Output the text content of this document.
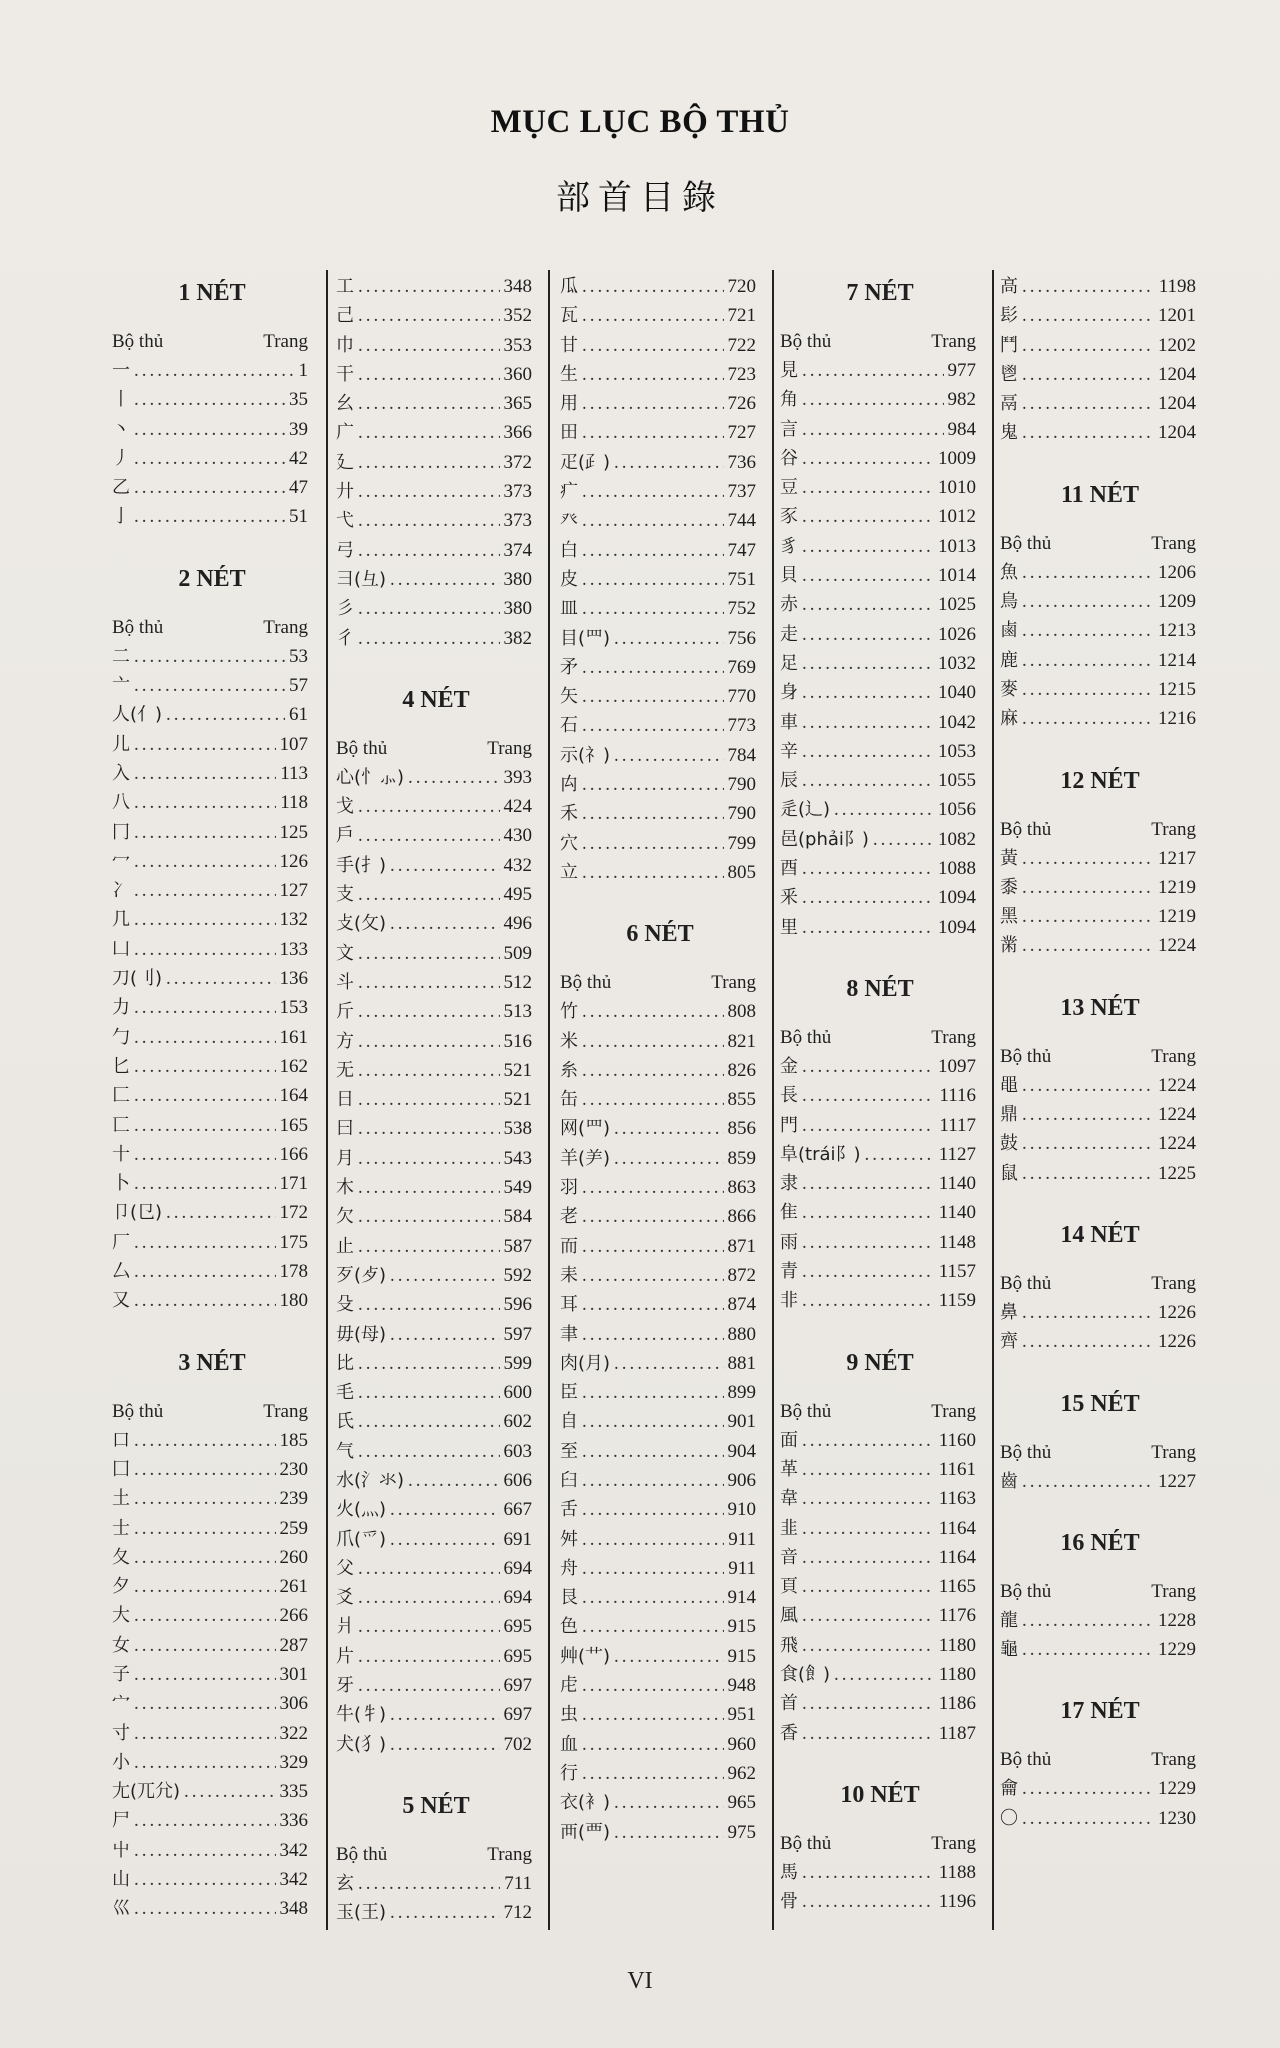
MỤC LỤC BỘ THỦ
部首目錄
1 NÉT
Bộ thủ	Trang
一 .....	1
丨 .....	35
丶 .....	39
丿 .....	42
乙 .....	47
亅 .....	51
2 NÉT
Bộ thủ	Trang
二 .....	53
亠 .....	57
人(亻) .....	61
儿 .....	107
入 .....	113
八 .....	118
冂 .....	125
冖 .....	126
冫 .....	127
几 .....	132
凵 .....	133
刀(刂) .....	136
力 .....	153
勹 .....	161
匕 .....	162
匚 .....	164
匸 .....	165
十 .....	166
卜 .....	171
卩(㔾) .....	172
厂 .....	175
厶 .....	178
又 .....	180
3 NÉT
Bộ thủ	Trang
口 .....	185
囗 .....	230
土 .....	239
士 .....	259
夂 .....	260
夕 .....	261
大 .....	266
女 .....	287
子 .....	301
宀 .....	306
寸 .....	322
小 .....	329
尢(兀𡯂) .....	335
尸 .....	336
屮 .....	342
山 .....	342
巛 .....	348
工 .....	348
己 .....	352
巾 .....	353
干 .....	360
幺 .....	365
广 .....	366
廴 .....	372
廾 .....	373
弋 .....	373
弓 .....	374
彐(彑) .....	380
彡 .....	380
彳 .....	382
4 NÉT
Bộ thủ	Trang
心(忄⺗) .....	393
戈 .....	424
戶 .....	430
手(扌) .....	432
支 .....	495
攴(攵) .....	496
文 .....	509
斗 .....	512
斤 .....	513
方 .....	516
无 .....	521
日 .....	521
曰 .....	538
月 .....	543
木 .....	549
欠 .....	584
止 .....	587
歹(歺) .....	592
殳 .....	596
毋(母) .....	597
比 .....	599
毛 .....	600
氏 .....	602
气 .....	603
水(氵氺) .....	606
火(灬) .....	667
爪(爫) .....	691
父 .....	694
爻 .....	694
爿 .....	695
片 .....	695
牙 .....	697
牛(牜) .....	697
犬(犭) .....	702
5 NÉT
Bộ thủ	Trang
玄 .....	711
玉(王) .....	712
瓜 .....	720
瓦 .....	721
甘 .....	722
生 .....	723
用 .....	726
田 .....	727
疋(⺪) .....	736
疒 .....	737
癶 .....	744
白 .....	747
皮 .....	751
皿 .....	752
目(罒) .....	756
矛 .....	769
矢 .....	770
石 .....	773
示(礻) .....	784
禸 .....	790
禾 .....	790
穴 .....	799
立 .....	805
6 NÉT
Bộ thủ	Trang
竹 .....	808
米 .....	821
糸 .....	826
缶 .....	855
网(罒) .....	856
羊(⺶) .....	859
羽 .....	863
老 .....	866
而 .....	871
耒 .....	872
耳 .....	874
聿 .....	880
肉(月) .....	881
臣 .....	899
自 .....	901
至 .....	904
臼 .....	906
舌 .....	910
舛 .....	911
舟 .....	911
艮 .....	914
色 .....	915
艸(艹) .....	915
虍 .....	948
虫 .....	951
血 .....	960
行 .....	962
衣(衤) .....	965
襾(覀) .....	975
7 NÉT
Bộ thủ	Trang
見 .....	977
角 .....	982
言 .....	984
谷 .....	1009
豆 .....	1010
豕 .....	1012
豸 .....	1013
貝 .....	1014
赤 .....	1025
走 .....	1026
足 .....	1032
身 .....	1040
車 .....	1042
辛 .....	1053
辰 .....	1055
辵(辶) .....	1056
邑(phải阝) .....	1082
酉 .....	1088
釆 .....	1094
里 .....	1094
8 NÉT
Bộ thủ	Trang
金 .....	1097
長 .....	1116
門 .....	1117
阜(trái阝) .....	1127
隶 .....	1140
隹 .....	1140
雨 .....	1148
青 .....	1157
非 .....	1159
9 NÉT
Bộ thủ	Trang
面 .....	1160
革 .....	1161
韋 .....	1163
韭 .....	1164
音 .....	1164
頁 .....	1165
風 .....	1176
飛 .....	1180
食(飠) .....	1180
首 .....	1186
香 .....	1187
10 NÉT
Bộ thủ	Trang
馬 .....	1188
骨 .....	1196
高 .....	1198
髟 .....	1201
鬥 .....	1202
鬯 .....	1204
鬲 .....	1204
鬼 .....	1204
11 NÉT
Bộ thủ	Trang
魚 .....	1206
鳥 .....	1209
鹵 .....	1213
鹿 .....	1214
麥 .....	1215
麻 .....	1216
12 NÉT
Bộ thủ	Trang
黃 .....	1217
黍 .....	1219
黑 .....	1219
黹 .....	1224
13 NÉT
Bộ thủ	Trang
黽 .....	1224
鼎 .....	1224
鼓 .....	1224
鼠 .....	1225
14 NÉT
Bộ thủ	Trang
鼻 .....	1226
齊 .....	1226
15 NÉT
Bộ thủ	Trang
齒 .....	1227
16 NÉT
Bộ thủ	Trang
龍 .....	1228
龜 .....	1229
17 NÉT
Bộ thủ	Trang
龠 .....	1229
〇 .....	1230
VI
